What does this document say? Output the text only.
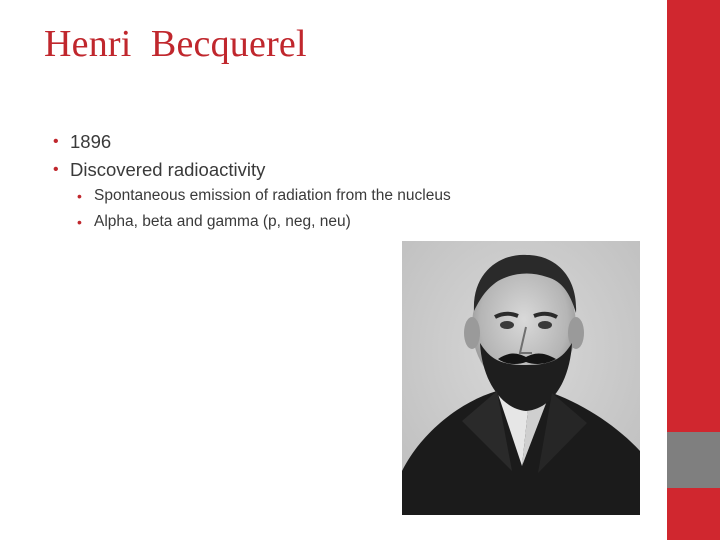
Henri  Becquerel
• 1896
• Discovered radioactivity
• Spontaneous emission of radiation from the nucleus
• Alpha, beta and gamma (p, neg, neu)
